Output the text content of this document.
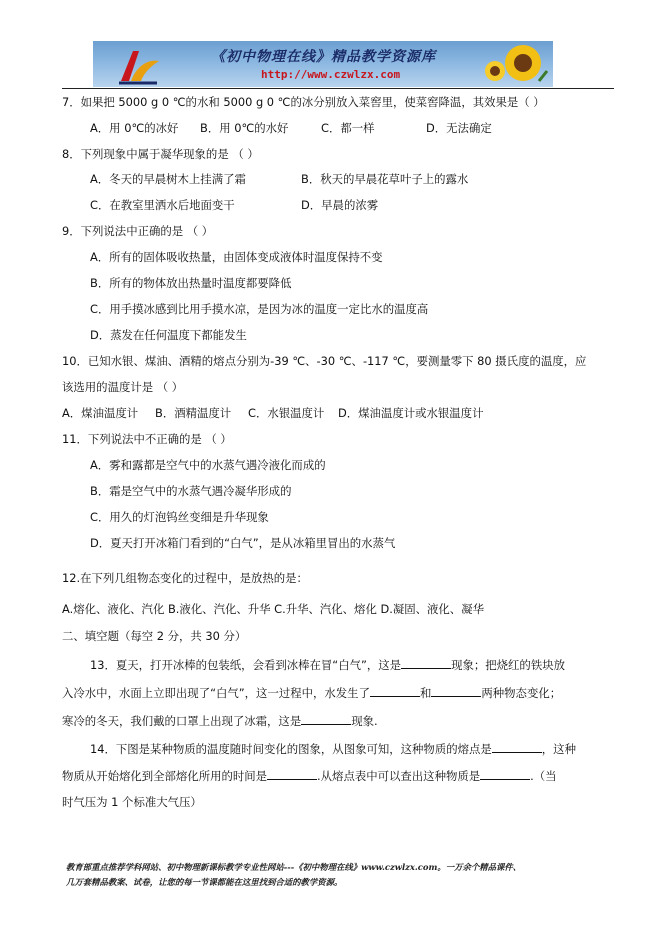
《初中物理在线》精品教学资源库
http://www.czwlzx.com
7．如果把 5000 g 0 ℃的水和 5000 g 0 ℃的冰分别放入菜窖里，使菜窖降温，其效果是（ ）
A．用 0℃的冰好 B．用 0℃的水好	C．都一样	D．无法确定
8．下列现象中属于凝华现象的是 （ ）
A．冬天的早晨树木上挂满了霜	B．秋天的早晨花草叶子上的露水
C．在教室里洒水后地面变干	D．早晨的浓雾
9．下列说法中正确的是 （ ）
A．所有的固体吸收热量，由固体变成液体时温度保持不变
B．所有的物体放出热量时温度都要降低
C．用手摸冰感到比用手摸水凉，是因为冰的温度一定比水的温度高
D．蒸发在任何温度下都能发生
10．已知水银、煤油、酒精的熔点分别为-39 ℃、-30 ℃、-117 ℃，要测量零下 80 摄氏度的温度，应
该选用的温度计是 （ ）
A．煤油温度计 B．酒精温度计 C．水银温度计 D．煤油温度计或水银温度计
11．下列说法中不正确的是 （ ）
A．雾和露都是空气中的水蒸气遇冷液化而成的
B．霜是空气中的水蒸气遇冷凝华形成的
C．用久的灯泡钨丝变细是升华现象
D．夏天打开冰箱门看到的“白气”，是从冰箱里冒出的水蒸气
12.在下列几组物态变化的过程中，是放热的是：
A.熔化、液化、汽化 B.液化、汽化、升华 C.升华、汽化、熔化 D.凝固、液化、凝华
二、填空题（每空 2 分，共 30 分）
13．夏天，打开冰棒的包装纸，会看到冰棒在冒“白气”，这是	现象；把烧红的铁块放
入冷水中，水面上立即出现了“白气”，这一过程中，水发生了	和	两种物态变化；
寒冷的冬天，我们戴的口罩上出现了冰霜，这是	现象.
14．下图是某种物质的温度随时间变化的图象，从图象可知，这种物质的熔点是	，这种
物质从开始熔化到全部熔化所用的时间是	.从熔点表中可以查出这种物质是	.（当
时气压为 1 个标准大气压）
教育部重点推荐学科网站、初中物理新课标教学专业性网站---《初中物理在线》www.czwlzx.com。一万余个精品课件、
几万套精品教案、试卷，让您的每一节课都能在这里找到合适的教学资源。
